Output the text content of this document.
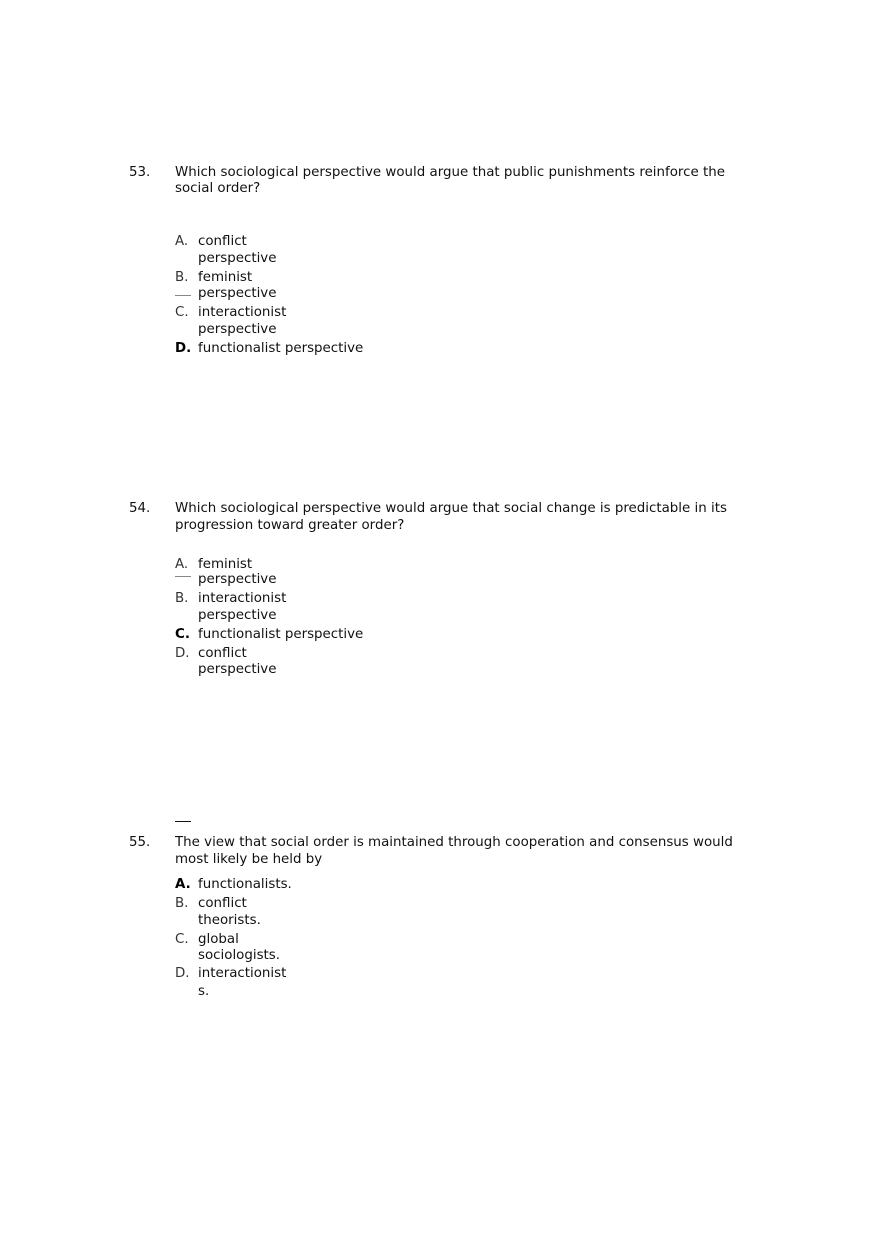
53. Which sociological perspective would argue that public punishments reinforce the
social order?
A. conflict
perspective
B. feminist
perspective
C. interactionist
perspective
D. functionalist perspective
54. Which sociological perspective would argue that social change is predictable in its
progression toward greater order?
A. feminist
perspective
B. interactionist
perspective
C. functionalist perspective
D. conflict
perspective
55. The view that social order is maintained through cooperation and consensus would
most likely be held by
A. functionalists.
B. conflict
theorists.
C. global
sociologists.
D. interactionist
s.
